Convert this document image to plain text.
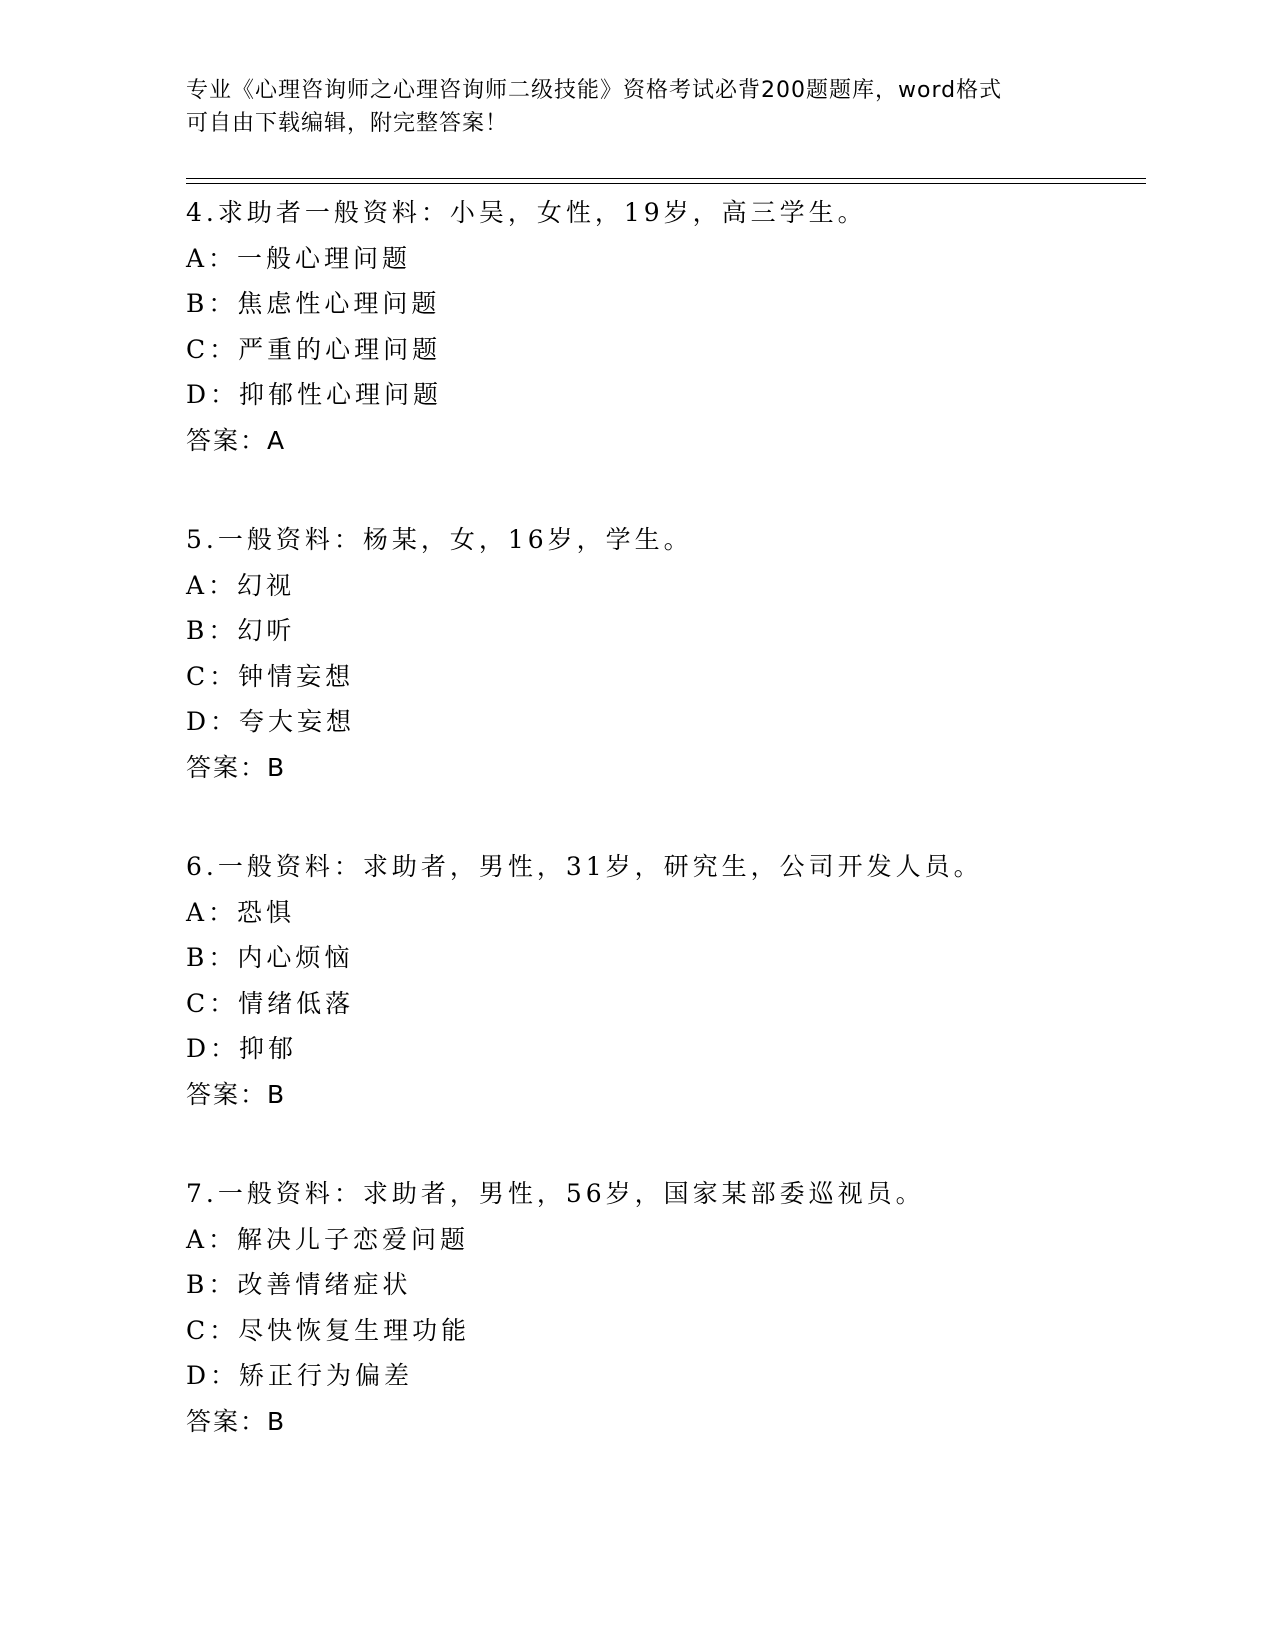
专业《心理咨询师之心理咨询师二级技能》资格考试必背200题题库，word格式
可自由下载编辑，附完整答案！
4.求助者一般资料：小吴，女性，19岁，高三学生。
A：一般心理问题
B：焦虑性心理问题
C：严重的心理问题
D：抑郁性心理问题
答案：A
5.一般资料：杨某，女，16岁，学生。
A：幻视
B：幻听
C：钟情妄想
D：夸大妄想
答案：B
6.一般资料：求助者，男性，31岁，研究生，公司开发人员。
A：恐惧
B：内心烦恼
C：情绪低落
D：抑郁
答案：B
7.一般资料：求助者，男性，56岁，国家某部委巡视员。
A：解决儿子恋爱问题
B：改善情绪症状
C：尽快恢复生理功能
D：矫正行为偏差
答案：B
